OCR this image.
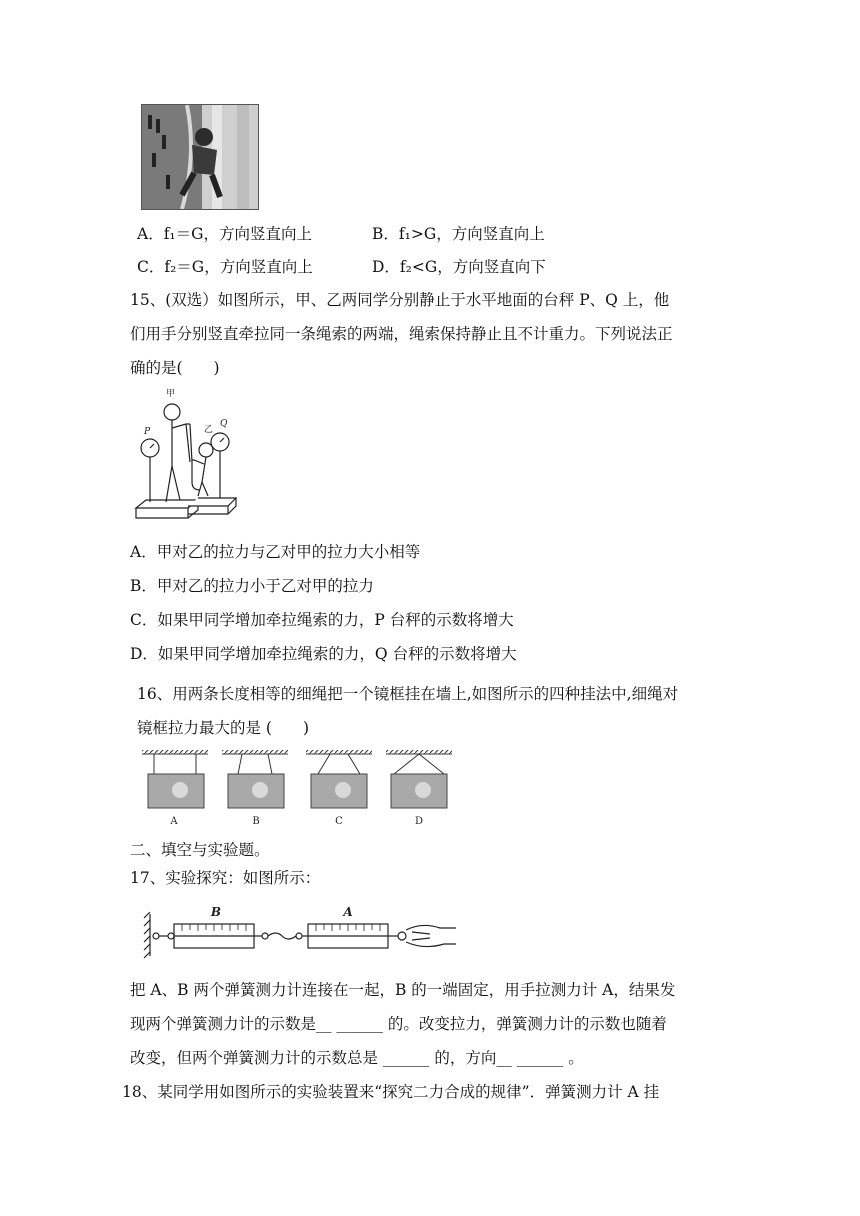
A．f₁＝G，方向竖直向上	B．f₁>G，方向竖直向上
C．f₂＝G，方向竖直向上	D．f₂<G，方向竖直向下
15、(双选）如图所示，甲、乙两同学分别静止于水平地面的台秤 P、Q 上，他
们用手分别竖直牵拉同一条绳索的两端，绳索保持静止且不计重力。下列说法正
确的是(　　)
甲
乙
P
Q
A．甲对乙的拉力与乙对甲的拉力大小相等
B．甲对乙的拉力小于乙对甲的拉力
C．如果甲同学增加牵拉绳索的力，P 台秤的示数将增大
D．如果甲同学增加牵拉绳索的力，Q 台秤的示数将增大
16、用两条长度相等的细绳把一个镜框挂在墙上,如图所示的四种挂法中,细绳对
镜框拉力最大的是 (　　)
A	B	C	D
二、填空与实验题。
17、实验探究：如图所示：
B	A
把 A、B 两个弹簧测力计连接在一起，B 的一端固定，用手拉测力计 A，结果发
现两个弹簧测力计的示数是__ ______ 的。改变拉力，弹簧测力计的示数也随着
改变，但两个弹簧测力计的示数总是 ______ 的，方向__ ______ 。
18、某同学用如图所示的实验装置来“探究二力合成的规律”．弹簧测力计 A 挂
